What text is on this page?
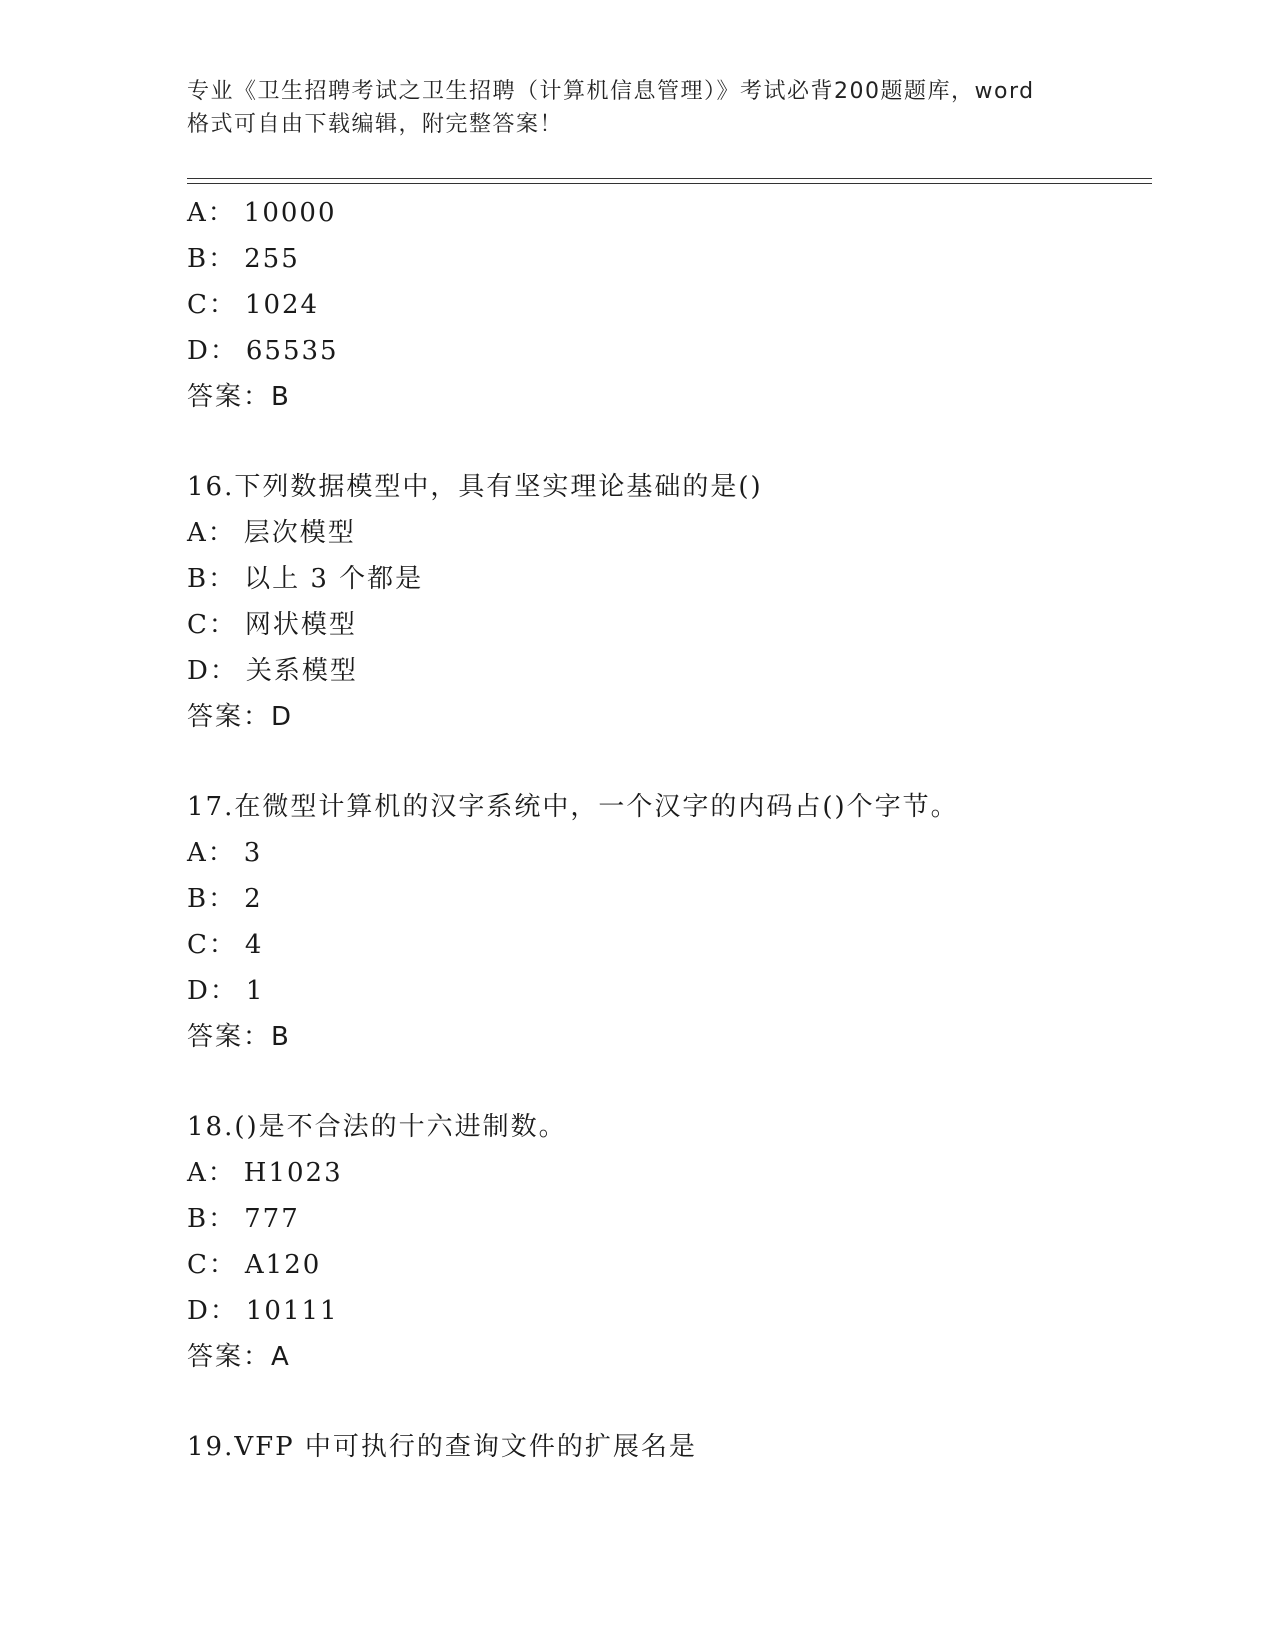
专业《卫生招聘考试之卫生招聘（计算机信息管理）》考试必背200题题库，word
格式可自由下载编辑，附完整答案！
A： 10000
B： 255
C： 1024
D： 65535
答案：B
16.下列数据模型中，具有坚实理论基础的是()
A： 层次模型
B： 以上 3 个都是
C： 网状模型
D： 关系模型
答案：D
17.在微型计算机的汉字系统中，一个汉字的内码占()个字节。
A： 3
B： 2
C： 4
D： 1
答案：B
18.()是不合法的十六进制数。
A： H1023
B： 777
C： A120
D： 10111
答案：A
19.VFP 中可执行的查询文件的扩展名是
